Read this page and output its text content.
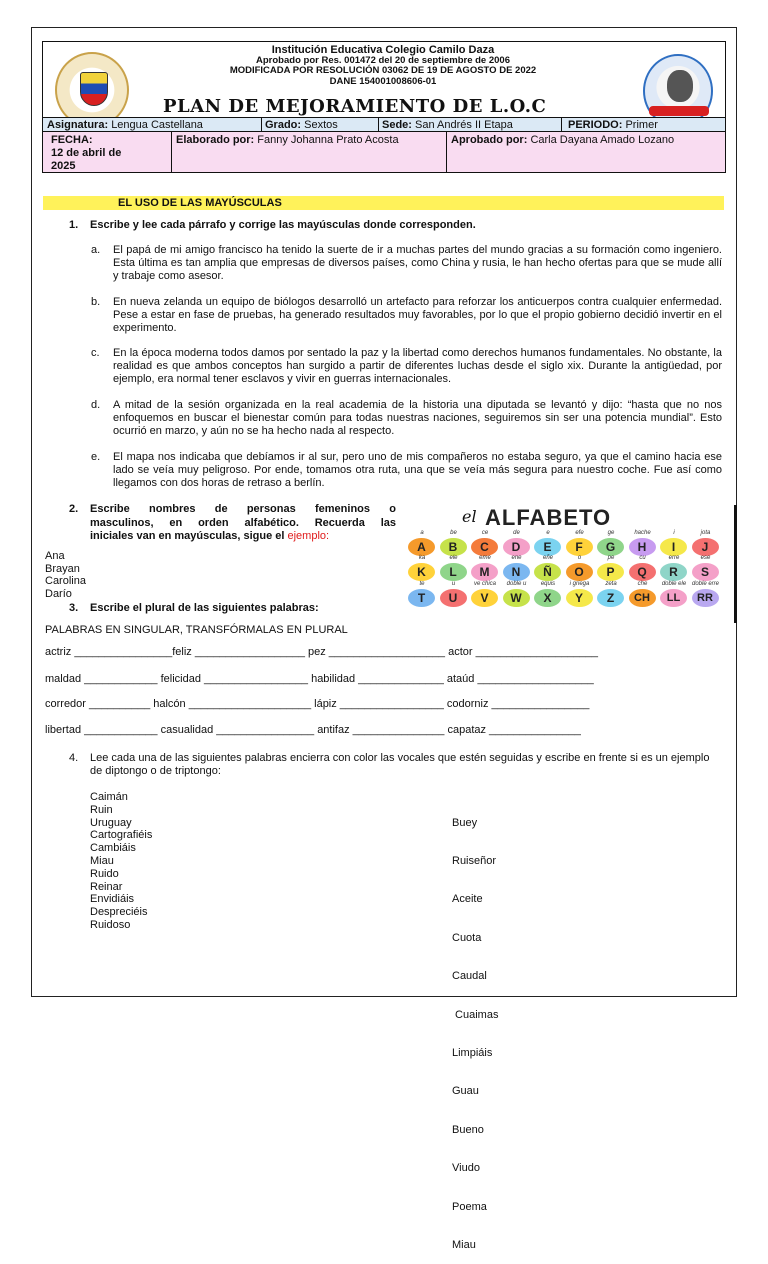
Institución Educativa Colegio Camilo Daza
Aprobado por Res. 001472 del 20 de septiembre de 2006
MODIFICADA POR RESOLUCIÓN 03062 DE 19 DE AGOSTO DE 2022
DANE 154001008606-01
PLAN DE MEJORAMIENTO DE L.O.C
Asignatura: Lengua Castellana	Grado: Sextos	Sede: San Andrés II Etapa	PERIODO: Primer
FECHA:
12 de abril de
2025
Elaborado por: Fanny Johanna Prato Acosta	Aprobado por: Carla Dayana Amado Lozano
EL USO DE LAS MAYÚSCULAS
1. Escribe y lee cada párrafo y corrige las mayúsculas donde corresponden.
a. El papá de mi amigo francisco ha tenido la suerte de ir a muchas partes del mundo gracias a su formación como ingeniero. Esta última es tan amplia que empresas de diversos países, como China y rusia, le han hecho ofertas para que se mude allí y trabaje como asesor.
b. En nueva zelanda un equipo de biólogos desarrolló un artefacto para reforzar los anticuerpos contra cualquier enfermedad. Pese a estar en fase de pruebas, ha generado resultados muy favorables, por lo que el propio gobierno decidió invertir en el experimento.
c. En la época moderna todos damos por sentado la paz y la libertad como derechos humanos fundamentales. No obstante, la realidad es que ambos conceptos han surgido a partir de diferentes luchas desde el siglo xix. Durante la antigüedad, por ejemplo, era normal tener esclavos y vivir en guerras internacionales.
d. A mitad de la sesión organizada en la real academia de la historia una diputada se levantó y dijo: “hasta que no nos enfoquemos en buscar el bienestar común para todas nuestras naciones, seguiremos sin ser una potencia mundial”. Esto ocurrió en marzo, y aún no se ha hecho nada al respecto.
e. El mapa nos indicaba que debíamos ir al sur, pero uno de mis compañeros no estaba seguro, ya que el camino hacia ese lado se veía muy peligroso. Por ende, tomamos otra ruta, una que se veía más segura para nuestro coche. Fue así como llegamos con dos horas de retraso a berlín.
2. Escribe nombres de personas femeninos o
masculinos, en orden alfabético. Recuerda las
iniciales van en mayúsculas, sigue el ejemplo:
Ana
Brayan
Carolina
Darío
el ALFABETO
a
A
be
B
ce
C
de
D
e
E
efe
F
ge
G
hache
H
i
I
jota
J
ka
K
ele
L
eme
M
ene
N
eñe
Ñ
o
O
pe
P
cu
Q
erre
R
ese
S
te
T
u
U
ve chica
V
doble u
W
equis
X
i griega
Y
zeta
Z
che
CH
doble ele
LL
doble erre
RR
3. Escribe el plural de las siguientes palabras:
PALABRAS EN SINGULAR, TRANSFÓRMALAS EN PLURAL
actriz ________________feliz __________________ pez ___________________ actor ____________________
maldad ____________ felicidad _________________ habilidad ______________ ataúd ___________________
corredor __________ halcón ____________________ lápiz _________________ codorniz ________________
libertad ____________ casualidad ________________ antifaz _______________ capataz _______________
4. Lee cada una de las siguientes palabras encierra con color las vocales que estén seguidas y escribe en frente si es un ejemplo de diptongo o de triptongo:
Caimán
Ruin
Uruguay
Cartografiéis
Cambiáis
Miau
Ruido
Reinar
Envidiáis
Despreciéis
Ruidoso

Buey

Ruiseñor

Aceite

Cuota

Caudal

Cuaimas

Limpiáis

Guau

Bueno

Viudo

Poema

Miau
